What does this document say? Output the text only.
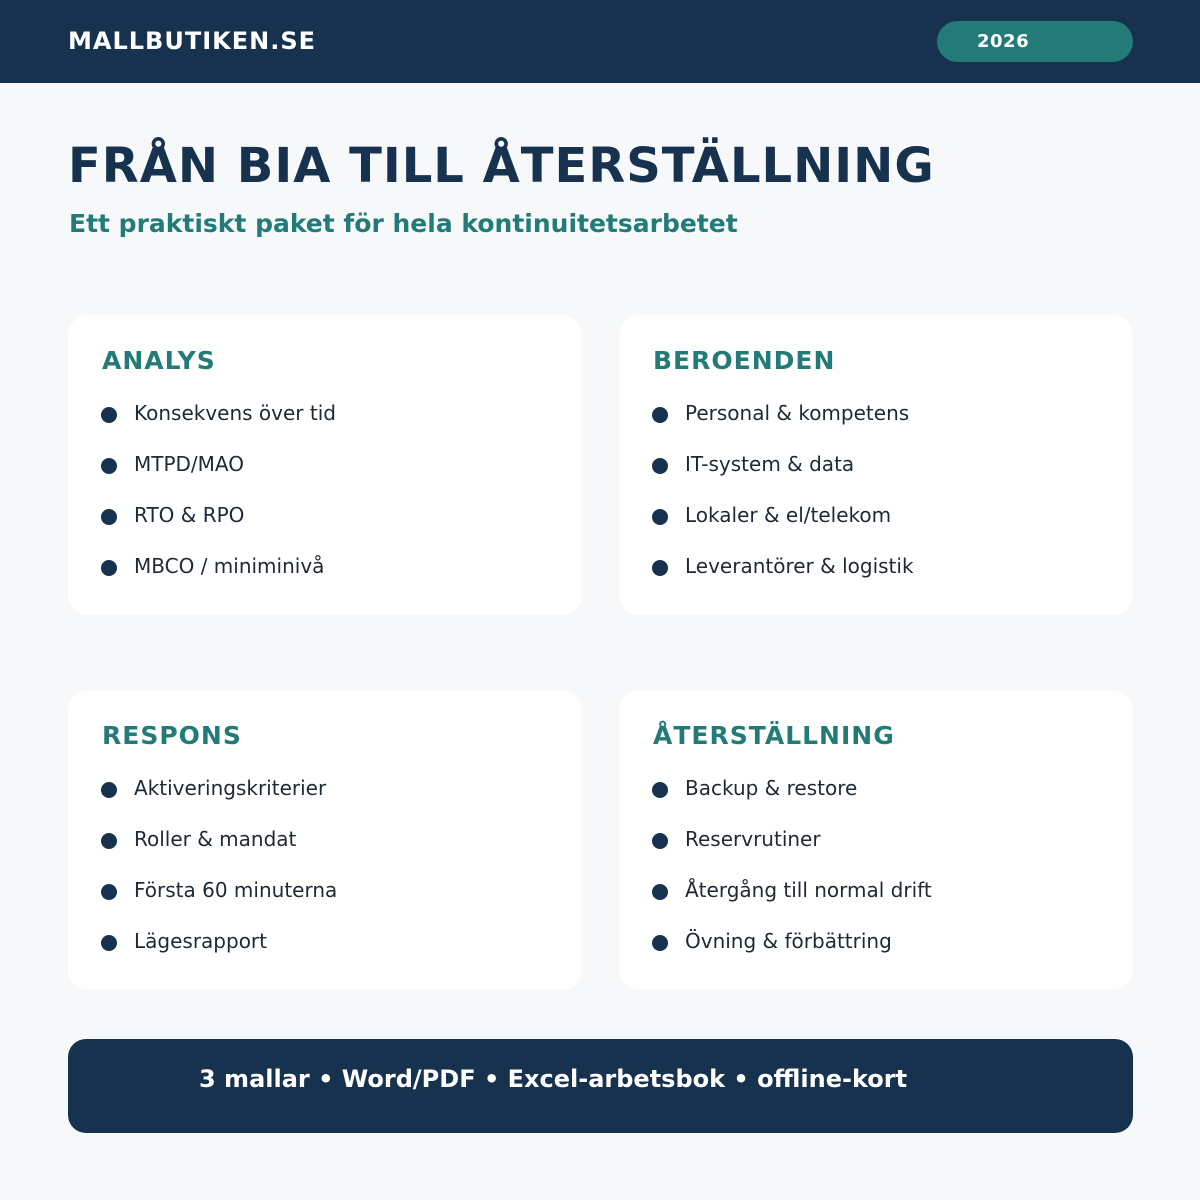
MALLBUTIKEN.SE	2026
FRÅN BIA TILL ÅTERSTÄLLNING

Ett praktiskt paket för hela kontinuitetsarbetet

ANALYS
Konsekvens över tid
MTPD/MAO
RTO & RPO
MBCO / miniminivå
BEROENDEN
Personal & kompetens
IT-system & data
Lokaler & el/telekom
Leverantörer & logistik
RESPONS
Aktiveringskriterier
Roller & mandat
Första 60 minuterna
Lägesrapport
ÅTERSTÄLLNING
Backup & restore
Reservrutiner
Återgång till normal drift
Övning & förbättring
3 mallar • Word/PDF • Excel-arbetsbok • offline-kort
